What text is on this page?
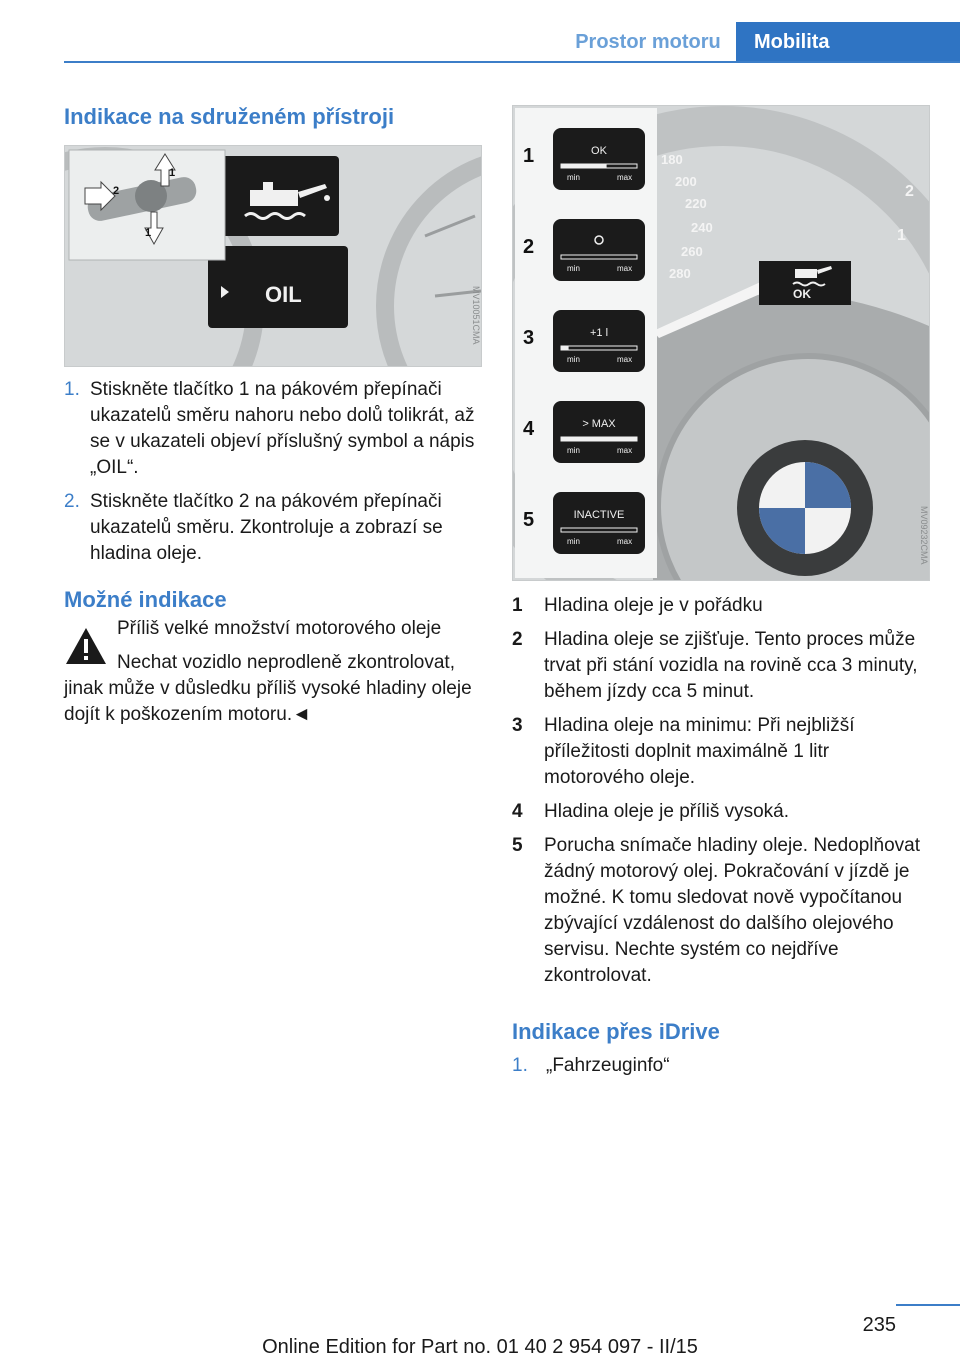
Prostor motoru	Mobilita
Indikace na sdruženém přístroji
OIL
1
2
1
MV10051CMA
1. Stiskněte tlačítko 1 na pákovém přepínači ukazatelů směru nahoru nebo dolů tolikrát, až se v ukazateli objeví příslušný symbol a nápis „OIL“.
2. Stiskněte tlačítko 2 na pákovém přepínači ukazatelů směru. Zkontroluje a zobrazí se hladina oleje.
Možné indikace
Příliš velké množství motorového oleje
Nechat vozidlo neprodleně zkontrolovat,
jinak může v důsledku příliš vysoké hladiny oleje dojít k poškozením motoru.◄
OK
180
200
220
240
260
280
2
1
1	OK
min	max
2
min	max
3	+1 l
min	max
4	> MAX
min	max
5	INACTIVE
min	max	MV09232CMA
1 Hladina oleje je v pořádku
2 Hladina oleje se zjišťuje. Tento proces může trvat při stání vozidla na rovině cca 3 minuty, během jízdy cca 5 minut.
3 Hladina oleje na minimu: Při nejbližší příležitosti doplnit maximálně 1 litr motorového oleje.
4 Hladina oleje je příliš vysoká.
5 Porucha snímače hladiny oleje. Nedoplňovat žádný motorový olej. Pokračování v jízdě je možné. K tomu sledovat nově vypočítanou zbývající vzdálenost do dalšího olejového servisu. Nechte systém co nejdříve zkontrolovat.
Indikace přes iDrive
1. „Fahrzeuginfo“
235
Online Edition for Part no. 01 40 2 954 097 - II/15
